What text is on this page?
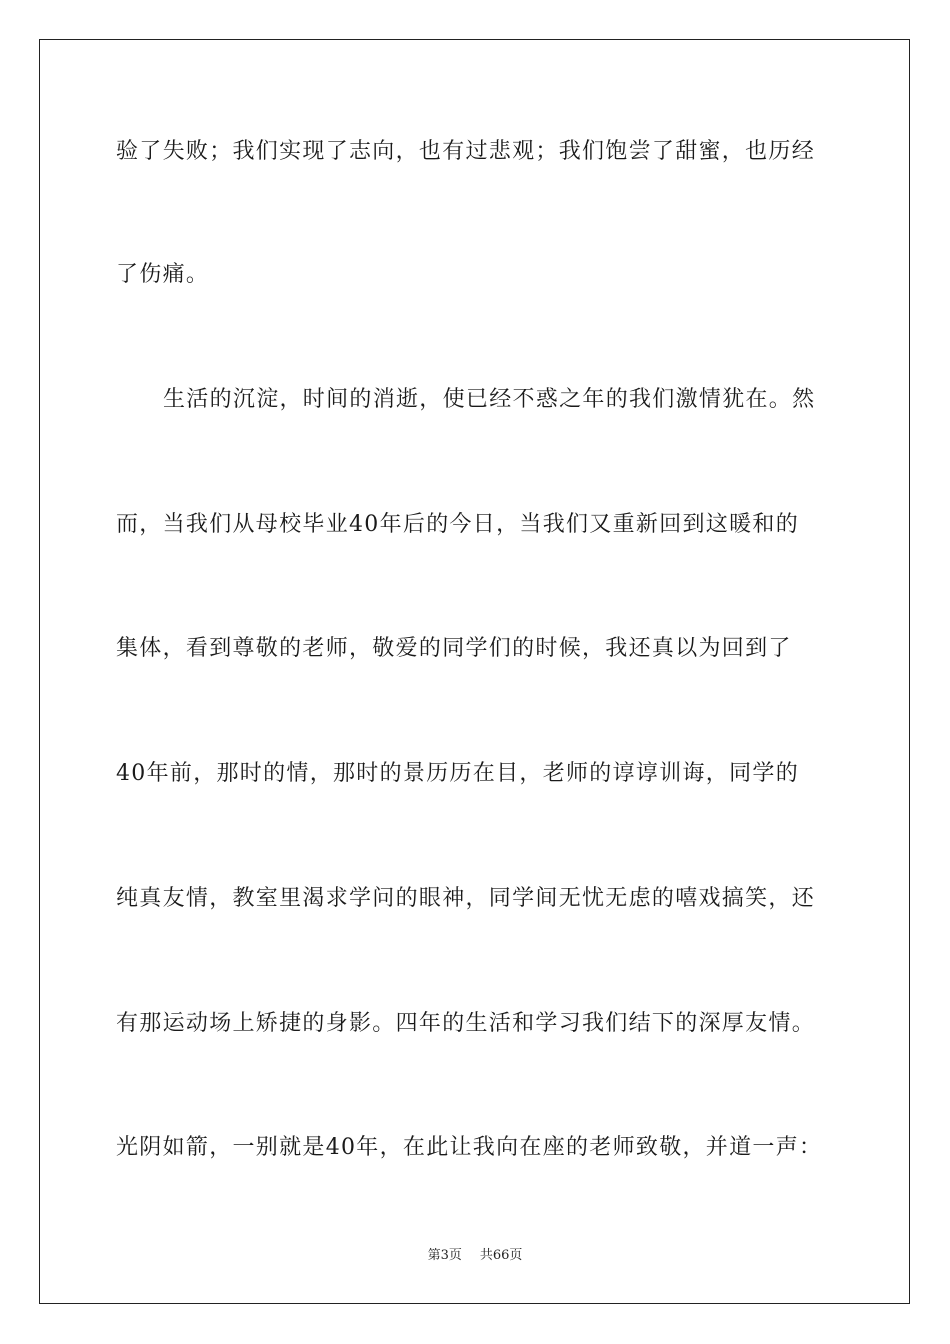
验了失败；我们实现了志向，也有过悲观；我们饱尝了甜蜜，也历经
了伤痛。
生活的沉淀，时间的消逝，使已经不惑之年的我们激情犹在。然
而，当我们从母校毕业40年后的今日，当我们又重新回到这暖和的
集体，看到尊敬的老师，敬爱的同学们的时候，我还真以为回到了
40年前，那时的情，那时的景历历在目，老师的谆谆训诲，同学的
纯真友情，教室里渴求学问的眼神，同学间无忧无虑的嘻戏搞笑，还
有那运动场上矫捷的身影。四年的生活和学习我们结下的深厚友情。
光阴如箭，一别就是40年，在此让我向在座的老师致敬，并道一声：
第3页 共66页
